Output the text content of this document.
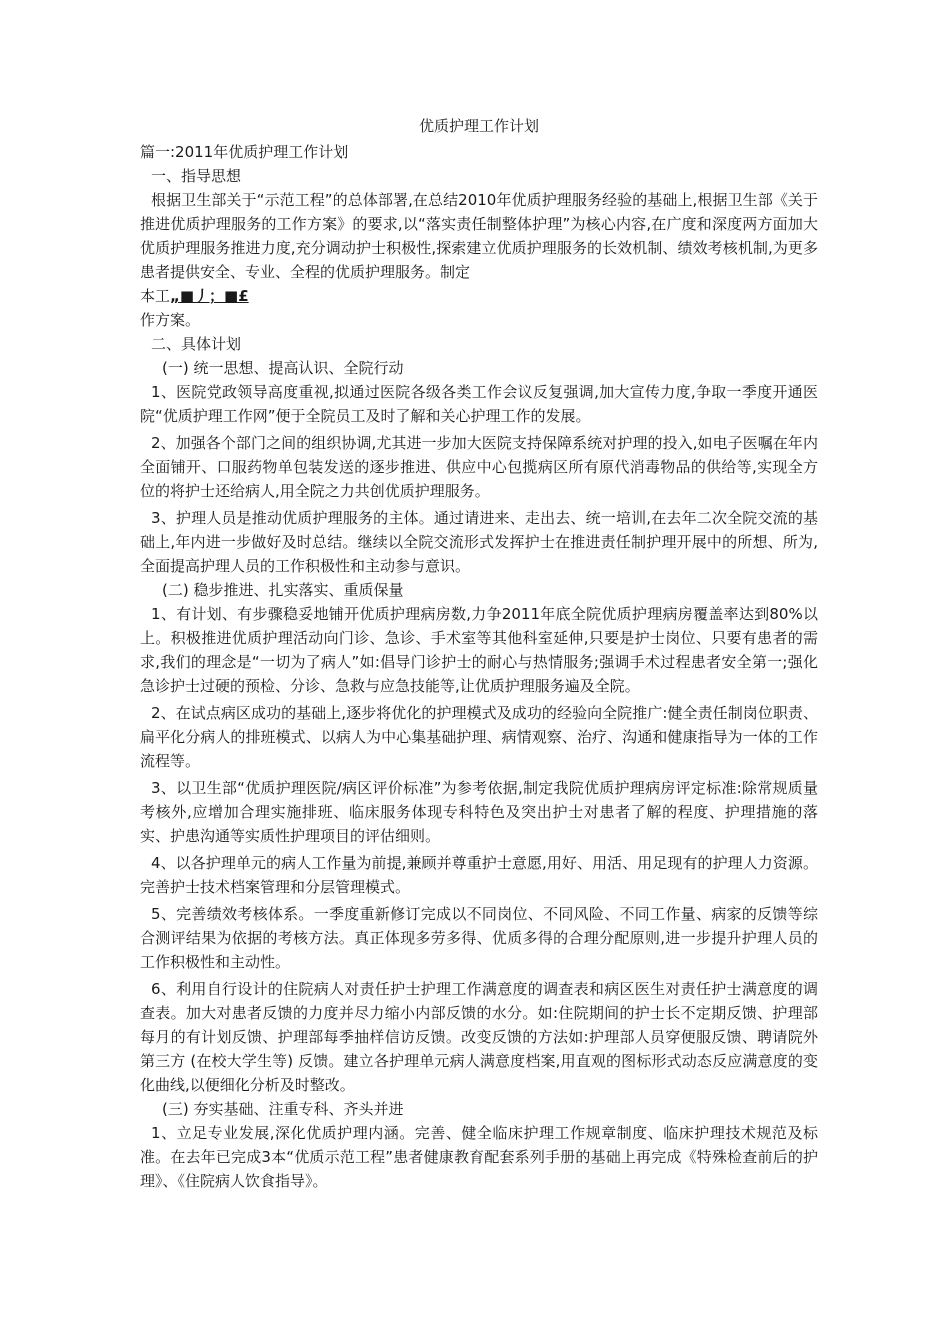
优质护理工作计划

篇一:2011年优质护理工作计划

一、指导思想

根据卫生部关于“示范工程”的总体部署,在总结2010年优质护理服务经验的基础上,根据卫生部《关于推进优质护理服务的工作方案》的要求,以“落实责任制整体护理”为核心内容,在广度和深度两方面加大优质护理服务推进力度,充分调动护士积极性,探索建立优质护理服务的长效机制、绩效考核机制,为更多患者提供安全、专业、全程的优质护理服务。制定

本工„■丿；■£

作方案。

二、具体计划

(一) 统一思想、提高认识、全院行动

1、医院党政领导高度重视,拟通过医院各级各类工作会议反复强调,加大宣传力度,争取一季度开通医院“优质护理工作网”便于全院员工及时了解和关心护理工作的发展。

2、加强各个部门之间的组织协调,尤其进一步加大医院支持保障系统对护理的投入,如电子医嘱在年内全面铺开、口服药物单包装发送的逐步推进、供应中心包揽病区所有原代消毒物品的供给等,实现全方位的将护士还给病人,用全院之力共创优质护理服务。

3、护理人员是推动优质护理服务的主体。通过请进来、走出去、统一培训,在去年二次全院交流的基础上,年内进一步做好及时总结。继续以全院交流形式发挥护士在推进责任制护理开展中的所想、所为,全面提高护理人员的工作积极性和主动参与意识。

(二) 稳步推进、扎实落实、重质保量

1、有计划、有步骤稳妥地铺开优质护理病房数,力争2011年底全院优质护理病房覆盖率达到80%以上。积极推进优质护理活动向门诊、急诊、手术室等其他科室延伸,只要是护士岗位、只要有患者的需求,我们的理念是“一切为了病人”如:倡导门诊护士的耐心与热情服务;强调手术过程患者安全第一;强化急诊护士过硬的预检、分诊、急救与应急技能等,让优质护理服务遍及全院。

2、在试点病区成功的基础上,逐步将优化的护理模式及成功的经验向全院推广:健全责任制岗位职责、扁平化分病人的排班模式、以病人为中心集基础护理、病情观察、治疗、沟通和健康指导为一体的工作流程等。

3、以卫生部“优质护理医院/病区评价标准”为参考依据,制定我院优质护理病房评定标准:除常规质量考核外,应增加合理实施排班、临床服务体现专科特色及突出护士对患者了解的程度、护理措施的落实、护患沟通等实质性护理项目的评估细则。

4、以各护理单元的病人工作量为前提,兼顾并尊重护士意愿,用好、用活、用足现有的护理人力资源。完善护士技术档案管理和分层管理模式。

5、完善绩效考核体系。一季度重新修订完成以不同岗位、不同风险、不同工作量、病家的反馈等综合测评结果为依据的考核方法。真正体现多劳多得、优质多得的合理分配原则,进一步提升护理人员的工作积极性和主动性。

6、利用自行设计的住院病人对责任护士护理工作满意度的调查表和病区医生对责任护士满意度的调查表。加大对患者反馈的力度并尽力缩小内部反馈的水分。如:住院期间的护士长不定期反馈、护理部每月的有计划反馈、护理部每季抽样信访反馈。改变反馈的方法如:护理部人员穿便服反馈、聘请院外第三方 (在校大学生等) 反馈。建立各护理单元病人满意度档案,用直观的图标形式动态反应满意度的变化曲线,以便细化分析及时整改。

(三) 夯实基础、注重专科、齐头并进

1、立足专业发展,深化优质护理内涵。完善、健全临床护理工作规章制度、临床护理技术规范及标准。在去年已完成3本“优质示范工程”患者健康教育配套系列手册的基础上再完成《特殊检查前后的护理》、《住院病人饮食指导》。
